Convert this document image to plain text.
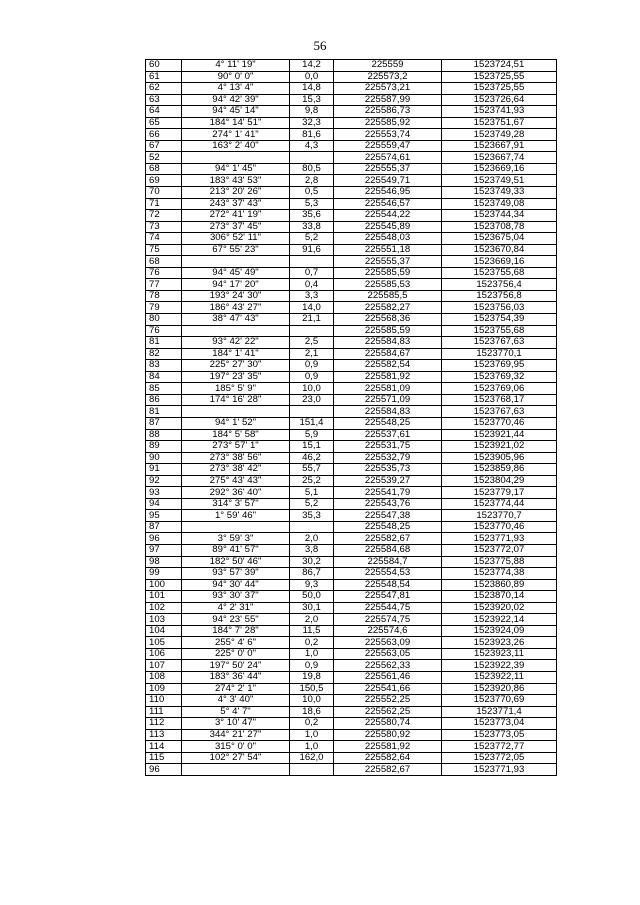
56
60	4° 11' 19"	14,2	225559	1523724,51
61	90° 0' 0"	0,0	225573,2	1523725,55
62	4° 13' 4"	14,8	225573,21	1523725,55
63	94° 42' 39"	15,3	225587,99	1523726,64
64	94° 45' 14"	9,8	225586,73	1523741,93
65	184° 14' 51"	32,3	225585,92	1523751,67
66	274° 1' 41"	81,6	225553,74	1523749,28
67	163° 2' 40"	4,3	225559,47	1523667,91
52			225574,61	1523667,74
68	94° 1' 45"	80,5	225555,37	1523669,16
69	183° 43' 53"	2,8	225549,71	1523749,51
70	213° 20' 26"	0,5	225546,95	1523749,33
71	243° 37' 43"	5,3	225546,57	1523749,08
72	272° 41' 19"	35,6	225544,22	1523744,34
73	273° 37' 45"	33,8	225545,89	1523708,78
74	306° 52' 11"	5,2	225548,03	1523675,04
75	67° 55' 23"	91,6	225551,18	1523670,84
68			225555,37	1523669,16
76	94° 45' 49"	0,7	225585,59	1523755,68
77	94° 17' 20"	0,4	225585,53	1523756,4
78	193° 24' 30"	3,3	225585,5	1523756,8
79	186° 43' 27"	14,0	225582,27	1523756,03
80	38° 47' 43"	21,1	225568,36	1523754,39
76			225585,59	1523755,68
81	93° 42' 22"	2,5	225584,83	1523767,63
82	184° 1' 41"	2,1	225584,67	1523770,1
83	225° 27' 30"	0,9	225582,54	1523769,95
84	197° 23' 35"	0,9	225581,92	1523769,32
85	185° 5' 9"	10,0	225581,09	1523769,06
86	174° 16' 28"	23,0	225571,09	1523768,17
81			225584,83	1523767,63
87	94° 1' 52"	151,4	225548,25	1523770,46
88	184° 5' 58"	5,9	225537,61	1523921,44
89	273° 57' 1"	15,1	225531,75	1523921,02
90	273° 38' 56"	46,2	225532,79	1523905,96
91	273° 38' 42"	55,7	225535,73	1523859,86
92	275° 43' 43"	25,2	225539,27	1523804,29
93	292° 36' 40"	5,1	225541,79	1523779,17
94	314° 3' 57"	5,2	225543,76	1523774,44
95	1° 59' 46"	35,3	225547,38	1523770,7
87			225548,25	1523770,46
96	3° 59' 3"	2,0	225582,67	1523771,93
97	89° 41' 57"	3,8	225584,68	1523772,07
98	182° 50' 46"	30,2	225584,7	1523775,88
99	93° 57' 39"	86,7	225554,53	1523774,38
100	94° 30' 44"	9,3	225548,54	1523860,89
101	93° 30' 37"	50,0	225547,81	1523870,14
102	4° 2' 31"	30,1	225544,75	1523920,02
103	94° 23' 55"	2,0	225574,75	1523922,14
104	184° 7' 28"	11,5	225574,6	1523924,09
105	255° 4' 6"	0,2	225563,09	1523923,26
106	225° 0' 0"	1,0	225563,05	1523923,11
107	197° 50' 24"	0,9	225562,33	1523922,39
108	183° 36' 44"	19,8	225561,46	1523922,11
109	274° 2' 1"	150,5	225541,66	1523920,86
110	4° 3' 40"	10,0	225552,25	1523770,69
111	5° 4' 7"	18,6	225562,25	1523771,4
112	3° 10' 47"	0,2	225580,74	1523773,04
113	344° 21' 27"	1,0	225580,92	1523773,05
114	315° 0' 0"	1,0	225581,92	1523772,77
115	102° 27' 54"	162,0	225582,64	1523772,05
96			225582,67	1523771,93
